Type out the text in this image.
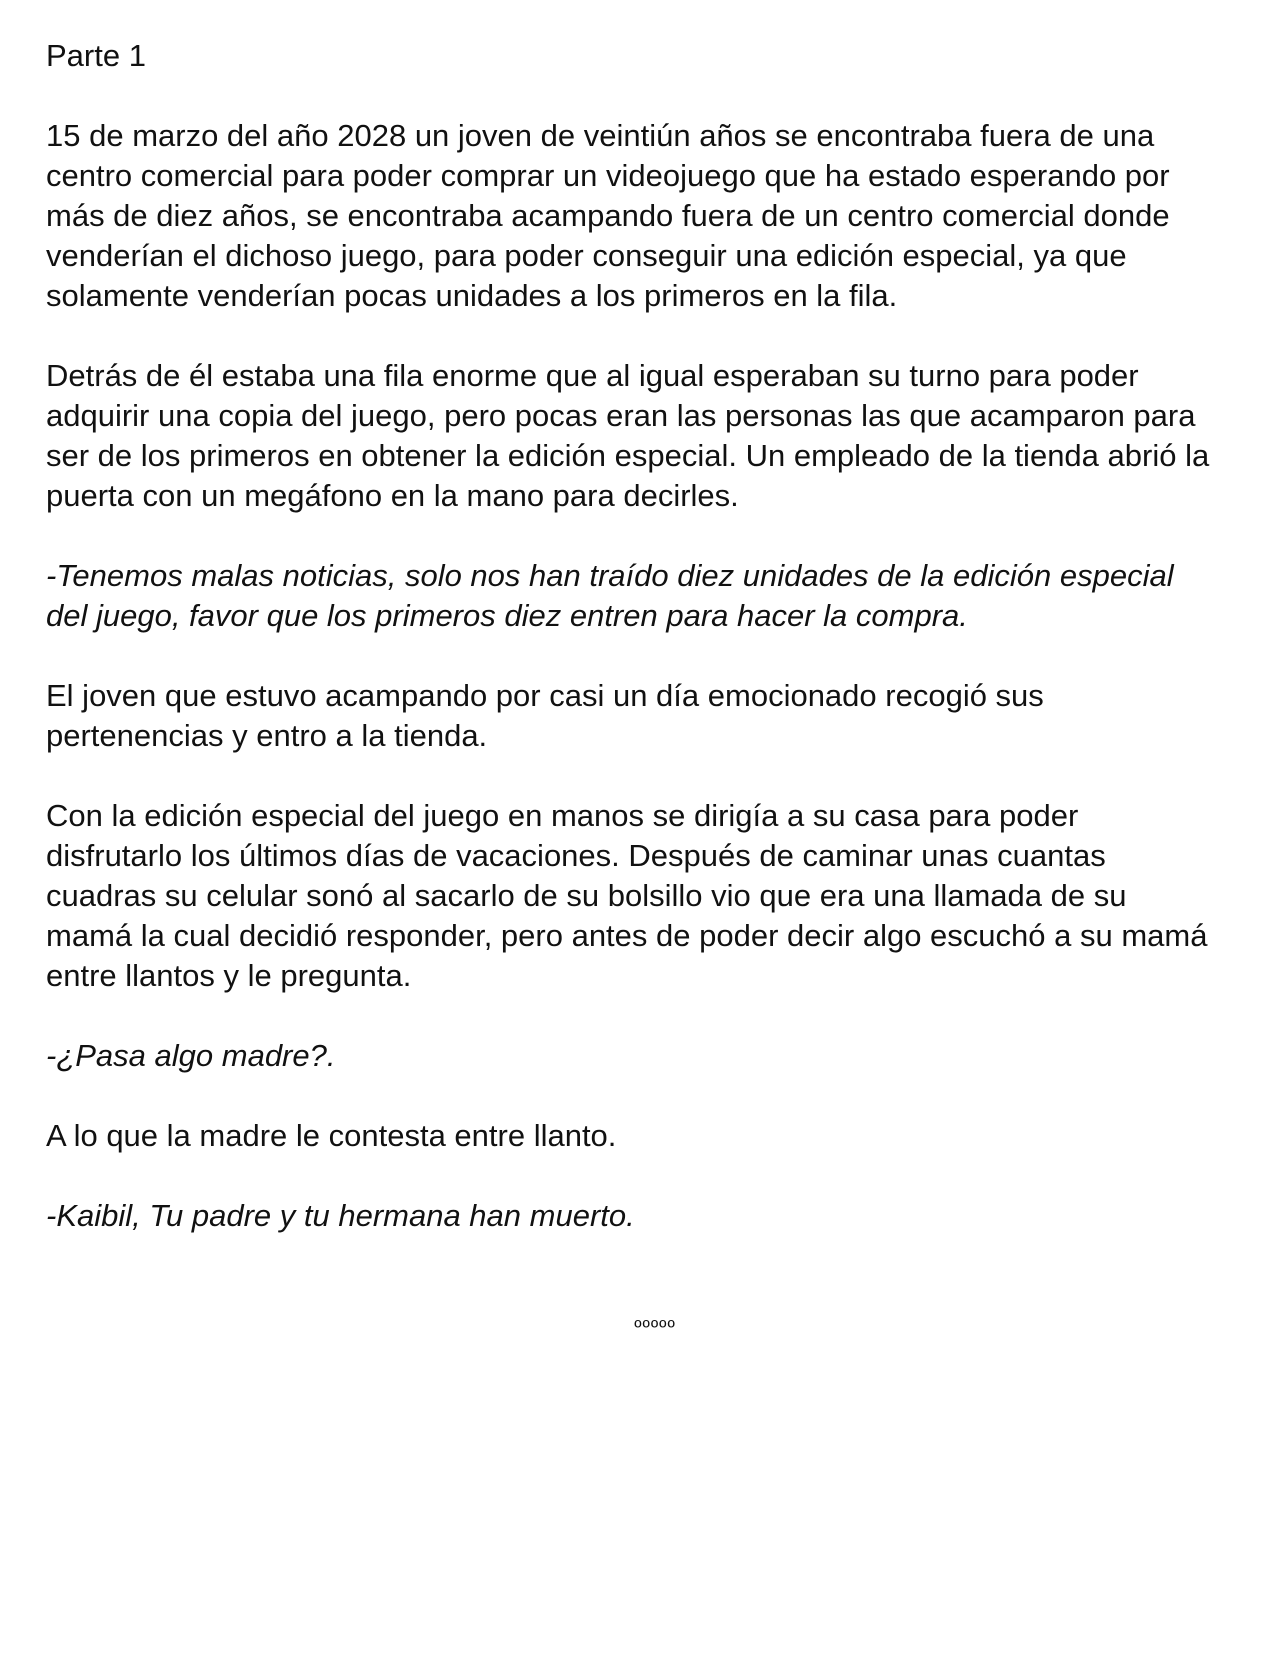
Parte 1

15 de marzo del año 2028 un joven de veintiún años se encontraba fuera de una centro comercial para poder comprar un videojuego que ha estado esperando por más de diez años, se encontraba acampando fuera de un centro comercial donde venderían el dichoso juego, para poder conseguir una edición especial, ya que solamente venderían pocas unidades a los primeros en la fila.

Detrás de él estaba una fila enorme que al igual esperaban su turno para poder adquirir una copia del juego, pero pocas eran las personas las que acamparon para ser de los primeros en obtener la edición especial. Un empleado de la tienda abrió la puerta con un megáfono en la mano para decirles.

-Tenemos malas noticias, solo nos han traído diez unidades de la edición especial del juego, favor que los primeros diez entren para hacer la compra.

El joven que estuvo acampando por casi un día emocionado recogió sus pertenencias y entro a la tienda.

Con la edición especial del juego en manos se dirigía a su casa para poder disfrutarlo los últimos días de vacaciones. Después de caminar unas cuantas cuadras su celular sonó al sacarlo de su bolsillo vio que era una llamada de su mamá la cual decidió responder, pero antes de poder decir algo escuchó a su mamá entre llantos y le pregunta.

-¿Pasa algo madre?.

A lo que la madre le contesta entre llanto.

-Kaibil, Tu padre y tu hermana han muerto.

ººººº
